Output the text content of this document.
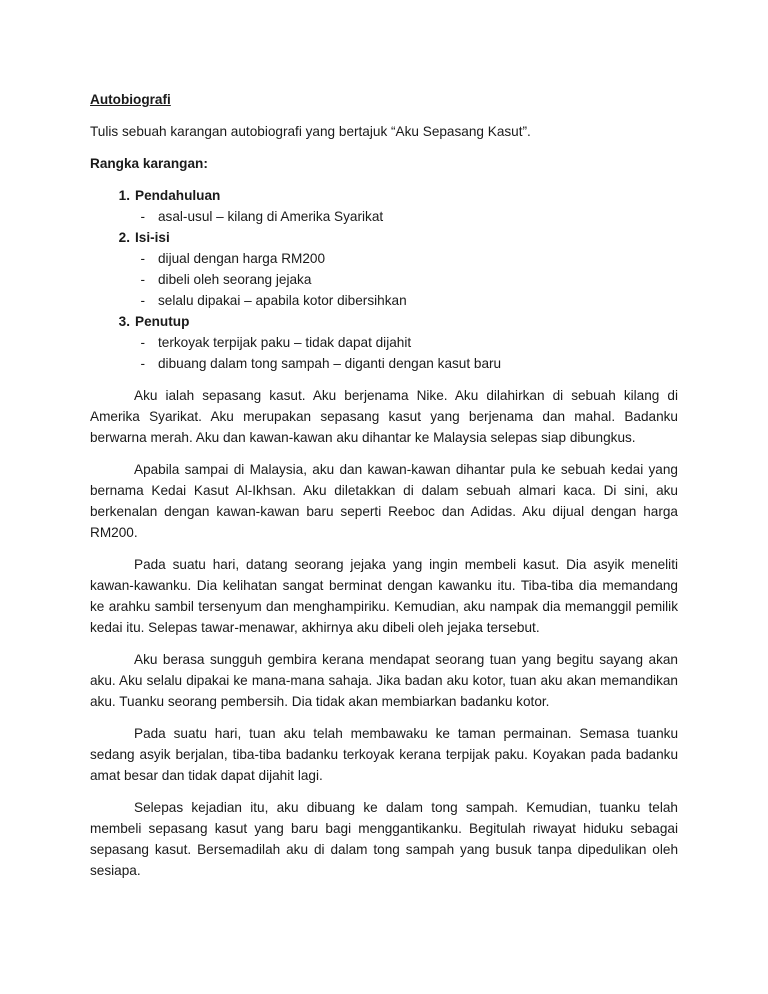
Autobiografi
Tulis sebuah karangan autobiografi yang bertajuk “Aku Sepasang Kasut”.
Rangka karangan:
1. Pendahuluan
- asal-usul – kilang di Amerika Syarikat
2. Isi-isi
- dijual dengan harga RM200
- dibeli oleh seorang jejaka
- selalu dipakai – apabila kotor dibersihkan
3. Penutup
- terkoyak terpijak paku – tidak dapat dijahit
- dibuang dalam tong sampah – diganti dengan kasut baru

Aku ialah sepasang kasut. Aku berjenama Nike. Aku dilahirkan di sebuah kilang di Amerika Syarikat. Aku merupakan sepasang kasut yang berjenama dan mahal. Badanku berwarna merah. Aku dan kawan-kawan aku dihantar ke Malaysia selepas siap dibungkus.

Apabila sampai di Malaysia, aku dan kawan-kawan dihantar pula ke sebuah kedai yang bernama Kedai Kasut Al-Ikhsan. Aku diletakkan di dalam sebuah almari kaca. Di sini, aku berkenalan dengan kawan-kawan baru seperti Reeboc dan Adidas. Aku dijual dengan harga RM200.

Pada suatu hari, datang seorang jejaka yang ingin membeli kasut. Dia asyik meneliti kawan-kawanku. Dia kelihatan sangat berminat dengan kawanku itu. Tiba-tiba dia memandang ke arahku sambil tersenyum dan menghampiriku. Kemudian, aku nampak dia memanggil pemilik kedai itu. Selepas tawar-menawar, akhirnya aku dibeli oleh jejaka tersebut.

Aku berasa sungguh gembira kerana mendapat seorang tuan yang begitu sayang akan aku. Aku selalu dipakai ke mana-mana sahaja. Jika badan aku kotor, tuan aku akan memandikan aku. Tuanku seorang pembersih. Dia tidak akan membiarkan badanku kotor.

Pada suatu hari, tuan aku telah membawaku ke taman permainan. Semasa tuanku sedang asyik berjalan, tiba-tiba badanku terkoyak kerana terpijak paku. Koyakan pada badanku amat besar dan tidak dapat dijahit lagi.

Selepas kejadian itu, aku dibuang ke dalam tong sampah. Kemudian, tuanku telah membeli sepasang kasut yang baru bagi menggantikanku. Begitulah riwayat hiduku sebagai sepasang kasut. Bersemadilah aku di dalam tong sampah yang busuk tanpa dipedulikan oleh sesiapa.
